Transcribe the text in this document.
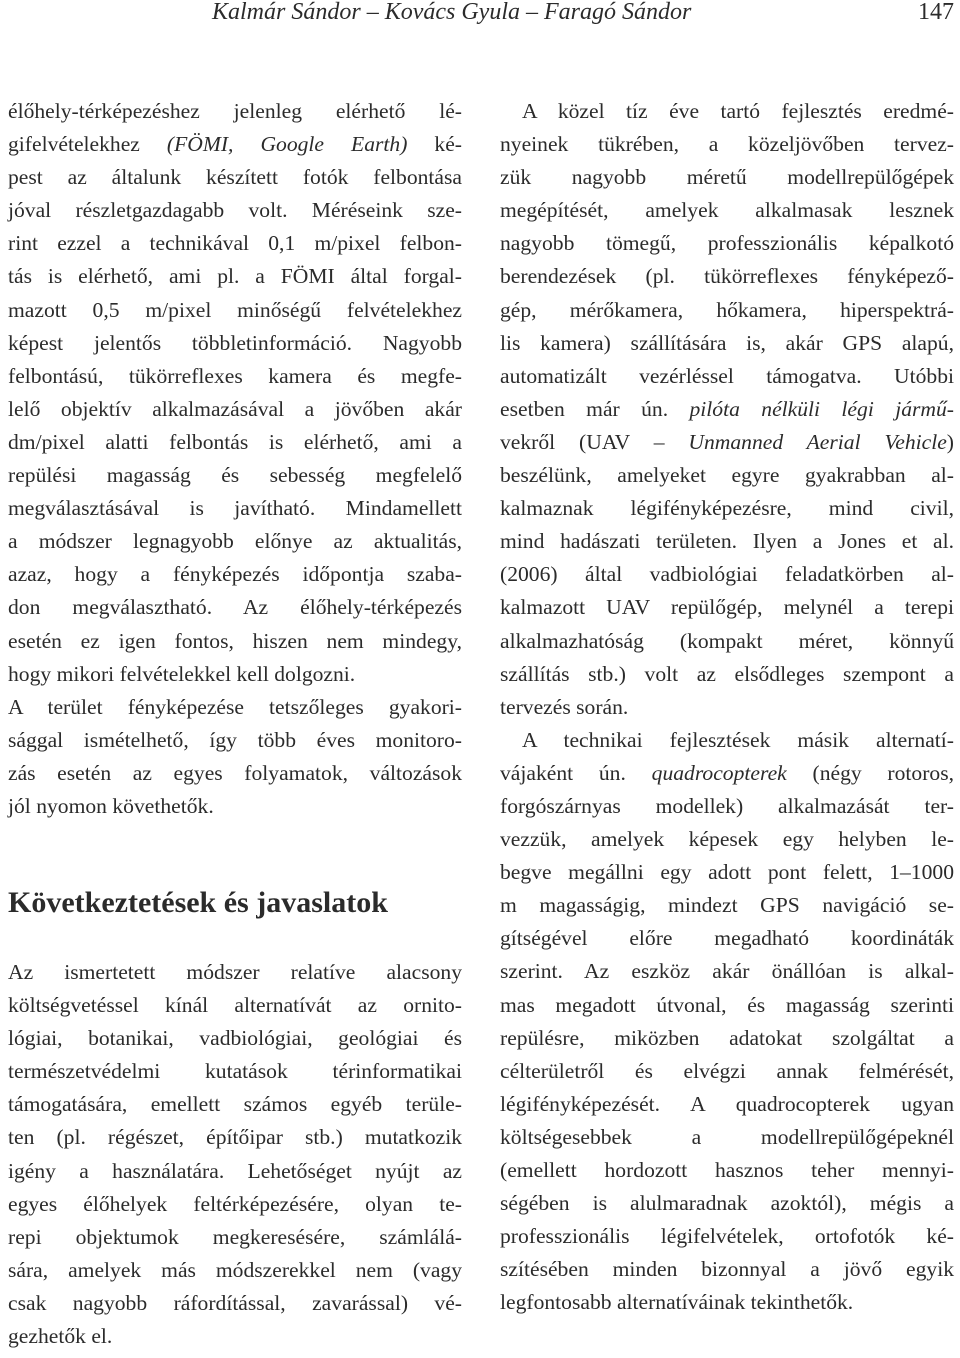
Kalmár Sándor – Kovács Gyula – Faragó Sándor	147
élőhely-térképezéshez jelenleg elérhető lé-
gifelvételekhez (FÖMI, Google Earth) ké-
pest az általunk készített fotók felbontása
jóval részletgazdagabb volt. Méréseink sze-
rint ezzel a technikával 0,1 m/pixel felbon-
tás is elérhető, ami pl. a FÖMI által forgal-
mazott 0,5 m/pixel minőségű felvételekhez
képest jelentős többletinformáció. Nagyobb
felbontású, tükörreflexes kamera és megfe-
lelő objektív alkalmazásával a jövőben akár
dm/pixel alatti felbontás is elérhető, ami a
repülési magasság és sebesség megfelelő
megválasztásával is javítható. Mindamellett
a módszer legnagyobb előnye az aktualitás,
azaz, hogy a fényképezés időpontja szaba-
don megválasztható. Az élőhely-térképezés
esetén ez igen fontos, hiszen nem mindegy,
hogy mikori felvételekkel kell dolgozni.
A terület fényképezése tetszőleges gyakori-
sággal ismételhető, így több éves monitoro-
zás esetén az egyes folyamatok, változások
jól nyomon követhetők.
Következtetések és javaslatok
Az ismertetett módszer relatíve alacsony
költségvetéssel kínál alternatívát az ornito-
lógiai, botanikai, vadbiológiai, geológiai és
természetvédelmi kutatások térinformatikai
támogatására, emellett számos egyéb terüle-
ten (pl. régészet, építőipar stb.) mutatkozik
igény a használatára. Lehetőséget nyújt az
egyes élőhelyek feltérképezésére, olyan te-
repi objektumok megkeresésére, számlálá-
sára, amelyek más módszerekkel nem (vagy
csak nagyobb ráfordítással, zavarással) vé-
gezhetők el.
A közel tíz éve tartó fejlesztés eredmé-
nyeinek tükrében, a közeljövőben tervez-
zük nagyobb méretű modellrepülőgépek
megépítését, amelyek alkalmasak lesznek
nagyobb tömegű, professzionális képalkotó
berendezések (pl. tükörreflexes fényképező-
gép, mérőkamera, hőkamera, hiperspektrá-
lis kamera) szállítására is, akár GPS alapú,
automatizált vezérléssel támogatva. Utóbbi
esetben már ún. pilóta nélküli légi jármű-
vekről (UAV – Unmanned Aerial Vehicle)
beszélünk, amelyeket egyre gyakrabban al-
kalmaznak légifényképezésre, mind civil,
mind hadászati területen. Ilyen a Jones et al.
(2006) által vadbiológiai feladatkörben al-
kalmazott UAV repülőgép, melynél a terepi
alkalmazhatóság (kompakt méret, könnyű
szállítás stb.) volt az elsődleges szempont a
tervezés során.
A technikai fejlesztések másik alternatí-
vájaként ún. quadrocopterek (négy rotoros,
forgószárnyas modellek) alkalmazását ter-
vezzük, amelyek képesek egy helyben le-
begve megállni egy adott pont felett, 1–1000
m magasságig, mindezt GPS navigáció se-
gítségével előre megadható koordináták
szerint. Az eszköz akár önállóan is alkal-
mas megadott útvonal, és magasság szerinti
repülésre, miközben adatokat szolgáltat a
célterületről és elvégzi annak felmérését,
légifényképezését. A quadrocopterek ugyan
költségesebbek a modellrepülőgépeknél
(emellett hordozott hasznos teher mennyi-
ségében is alulmaradnak azoktól), mégis a
professzionális légifelvételek, ortofotók ké-
szítésében minden bizonnyal a jövő egyik
legfontosabb alternatíváinak tekinthetők.
